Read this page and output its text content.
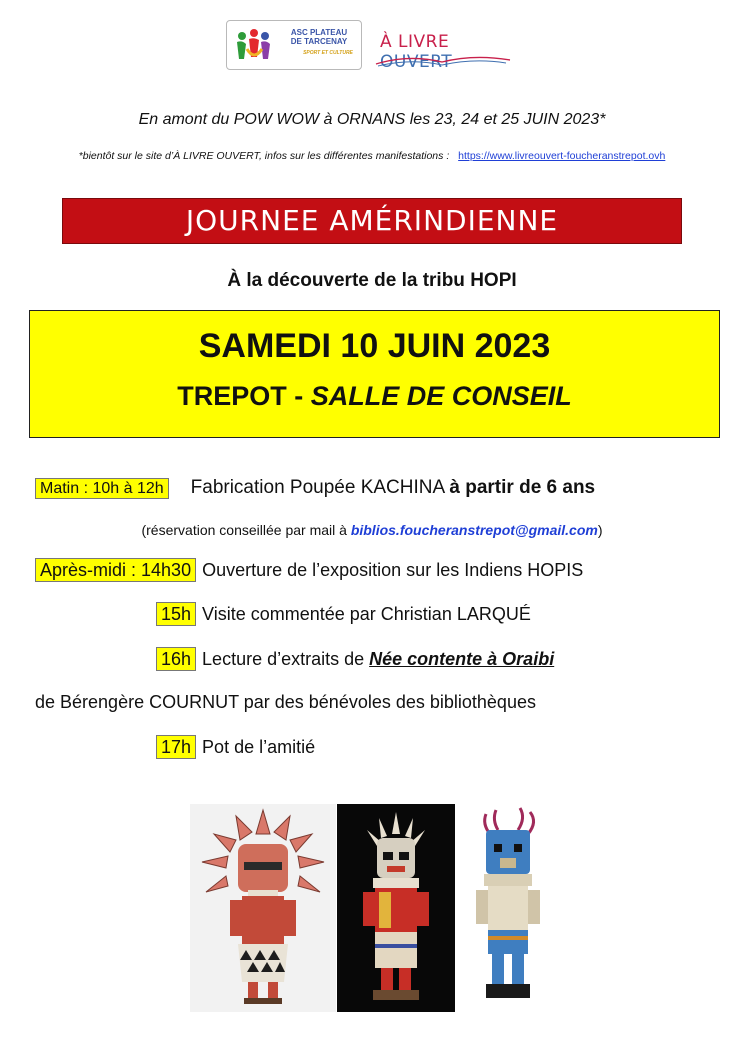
ASC PLATEAU
DE TARCENAY
SPORT ET CULTURE
À LIVRE OUVERT
En amont du POW WOW à ORNANS les 23, 24 et 25 JUIN 2023*
*bientôt sur le site d’À LIVRE OUVERT, infos sur les différentes manifestations : https://www.livreouvert-foucheranstrepot.ovh
JOURNEE AMÉRINDIENNE
À la découverte de la tribu HOPI
SAMEDI 10 JUIN 2023
TREPOT - SALLE DE CONSEIL
Matin : 10h à 12h Fabrication Poupée KACHINA à partir de 6 ans
(réservation conseillée par mail à biblios.foucheranstrepot@gmail.com)
Après-midi : 14h30 Ouverture de l’exposition sur les Indiens HOPIS
15h Visite commentée par Christian LARQUÉ
16h Lecture d’extraits de Née contente à Oraibi
de Bérengère COURNUT par des bénévoles des bibliothèques
17h Pot de l’amitié
